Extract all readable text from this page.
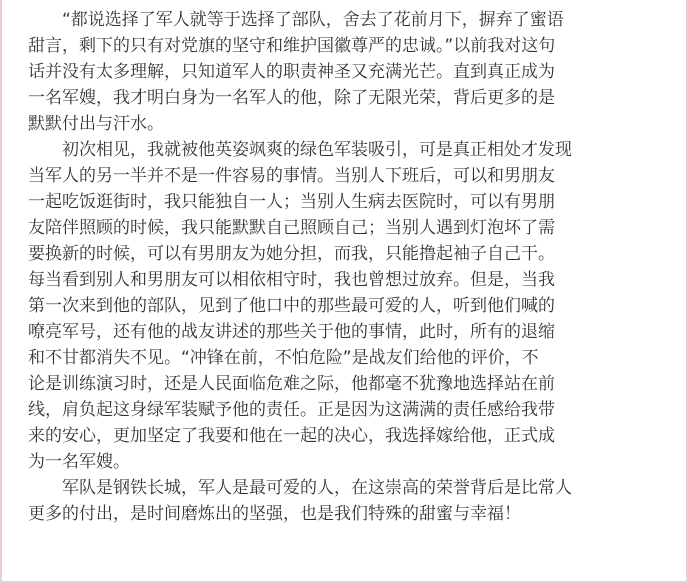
“都说选择了军人就等于选择了部队，舍去了花前月下，摒弃了蜜语
甜言，剩下的只有对党旗的坚守和维护国徽尊严的忠诚。”以前我对这句
话并没有太多理解，只知道军人的职责神圣又充满光芒。直到真正成为
一名军嫂，我才明白身为一名军人的他，除了无限光荣，背后更多的是
默默付出与汗水。
初次相见，我就被他英姿飒爽的绿色军装吸引，可是真正相处才发现
当军人的另一半并不是一件容易的事情。当别人下班后，可以和男朋友
一起吃饭逛街时，我只能独自一人；当别人生病去医院时，可以有男朋
友陪伴照顾的时候，我只能默默自己照顾自己；当别人遇到灯泡坏了需
要换新的时候，可以有男朋友为她分担，而我，只能撸起袖子自己干。
每当看到别人和男朋友可以相依相守时，我也曾想过放弃。但是，当我
第一次来到他的部队，见到了他口中的那些最可爱的人，听到他们喊的
嘹亮军号，还有他的战友讲述的那些关于他的事情，此时，所有的退缩
和不甘都消失不见。“冲锋在前，不怕危险”是战友们给他的评价，不
论是训练演习时，还是人民面临危难之际，他都毫不犹豫地选择站在前
线，肩负起这身绿军装赋予他的责任。正是因为这满满的责任感给我带
来的安心，更加坚定了我要和他在一起的决心，我选择嫁给他，正式成
为一名军嫂。
军队是钢铁长城，军人是最可爱的人，在这崇高的荣誉背后是比常人
更多的付出，是时间磨炼出的坚强，也是我们特殊的甜蜜与幸福！
